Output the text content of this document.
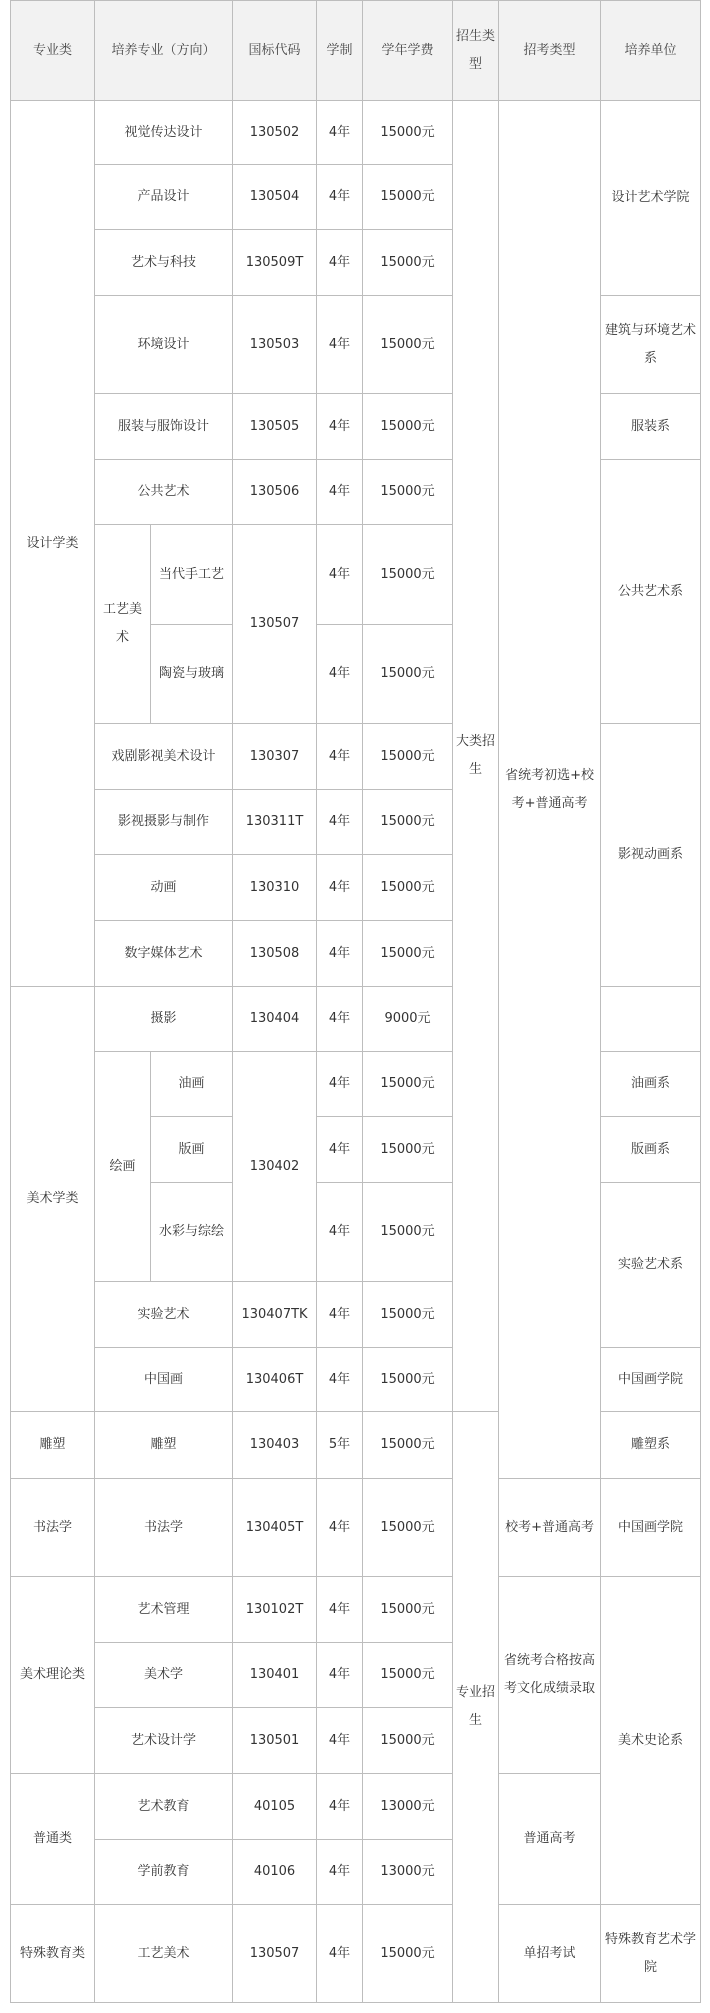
专业类	培养专业（方向）		国标代码	学制	学年学费	招生类型	招考类型	培养单位
设计学类	视觉传达设计		130502	4年	15000元	大类招生	省统考初选+校考+普通高考	设计艺术学院
	产品设计		130504	4年	15000元			
	艺术与科技		130509T	4年	15000元			
	环境设计		130503	4年	15000元			建筑与环境艺术系
	服装与服饰设计		130505	4年	15000元			服装系
	公共艺术		130506	4年	15000元			公共艺术系
	工艺美术	当代手工艺	130507	4年	15000元			
		陶瓷与玻璃		4年	15000元			
	戏剧影视美术设计		130307	4年	15000元			影视动画系
	影视摄影与制作		130311T	4年	15000元			
	动画		130310	4年	15000元			
	数字媒体艺术		130508	4年	15000元			
美术学类	摄影		130404	4年	9000元			
	绘画	油画	130402	4年	15000元			油画系
		版画		4年	15000元			版画系
		水彩与综绘		4年	15000元			实验艺术系
	实验艺术		130407TK	4年	15000元			
	中国画		130406T	4年	15000元			中国画学院
雕塑	雕塑		130403	5年	15000元	专业招生		雕塑系
书法学	书法学		130405T	4年	15000元		校考+普通高考	中国画学院
美术理论类	艺术管理		130102T	4年	15000元		省统考合格按高考文化成绩录取	美术史论系
	美术学		130401	4年	15000元			
	艺术设计学		130501	4年	15000元			
普通类	艺术教育		40105	4年	13000元		普通高考	
	学前教育		40106	4年	13000元			
特殊教育类	工艺美术		130507	4年	15000元		单招考试	特殊教育艺术学院
